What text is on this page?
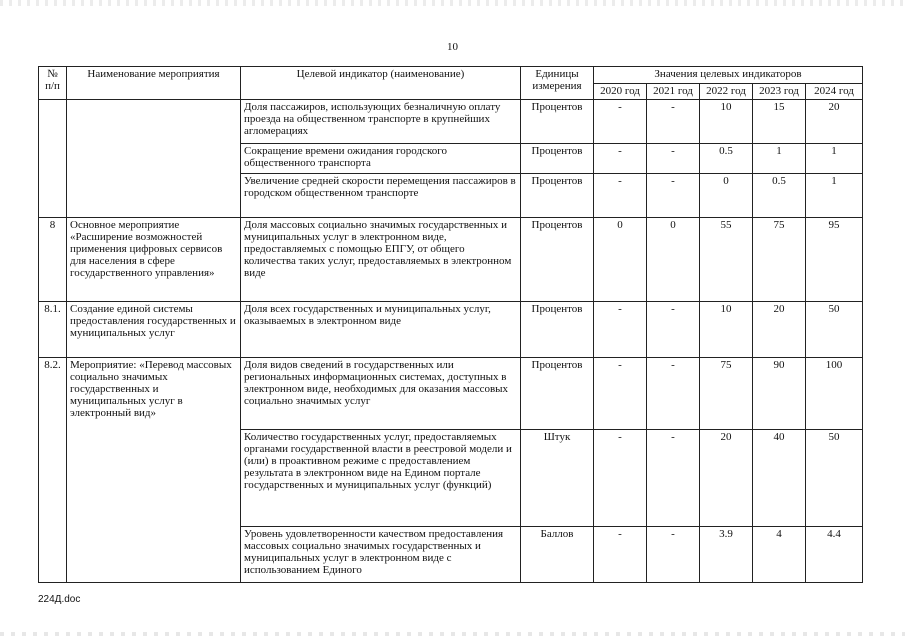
10
№ п/п	Наименование мероприятия	Целевой индикатор (наименование)	Единицы измерения	Значения целевых индикаторов				
				2020 год	2021 год	2022 год	2023 год	2024 год
		Доля пассажиров, использующих безналичную оплату проезда на общественном транспорте в крупнейших агломерациях	Процентов	-	-	10	15	20
		Сокращение времени ожидания городского общественного транспорта	Процентов	-	-	0.5	1	1
		Увеличение средней скорости перемещения пассажиров в городском общественном транспорте	Процентов	-	-	0	0.5	1
8	Основное мероприятие «Расширение возможностей применения цифровых сервисов для населения в сфере государственного управления»	Доля массовых социально значимых государственных и муниципальных услуг в электронном виде, предоставляемых с помощью ЕПГУ, от общего количества таких услуг, предоставляемых в электронном виде	Процентов	0	0	55	75	95
8.1.	Создание единой системы предоставления государственных и муниципальных услуг	Доля всех государственных и муниципальных услуг, оказываемых в электронном виде	Процентов	-	-	10	20	50
8.2.	Мероприятие: «Перевод массовых социально значимых государственных и муниципальных услуг в электронный вид»	Доля видов сведений в государственных или региональных информационных системах, доступных в электронном виде, необходимых для оказания массовых социально значимых услуг	Процентов	-	-	75	90	100
		Количество государственных услуг, предоставляемых органами государственной власти в реестровой модели и (или) в проактивном режиме с предоставлением результата в электронном виде на Едином портале государственных и муниципальных услуг (функций)	Штук	-	-	20	40	50
		Уровень удовлетворенности качеством предоставления массовых социально значимых государственных и муниципальных услуг в электронном виде с использованием Единого	Баллов	-	-	3.9	4	4.4
224Д.doc
